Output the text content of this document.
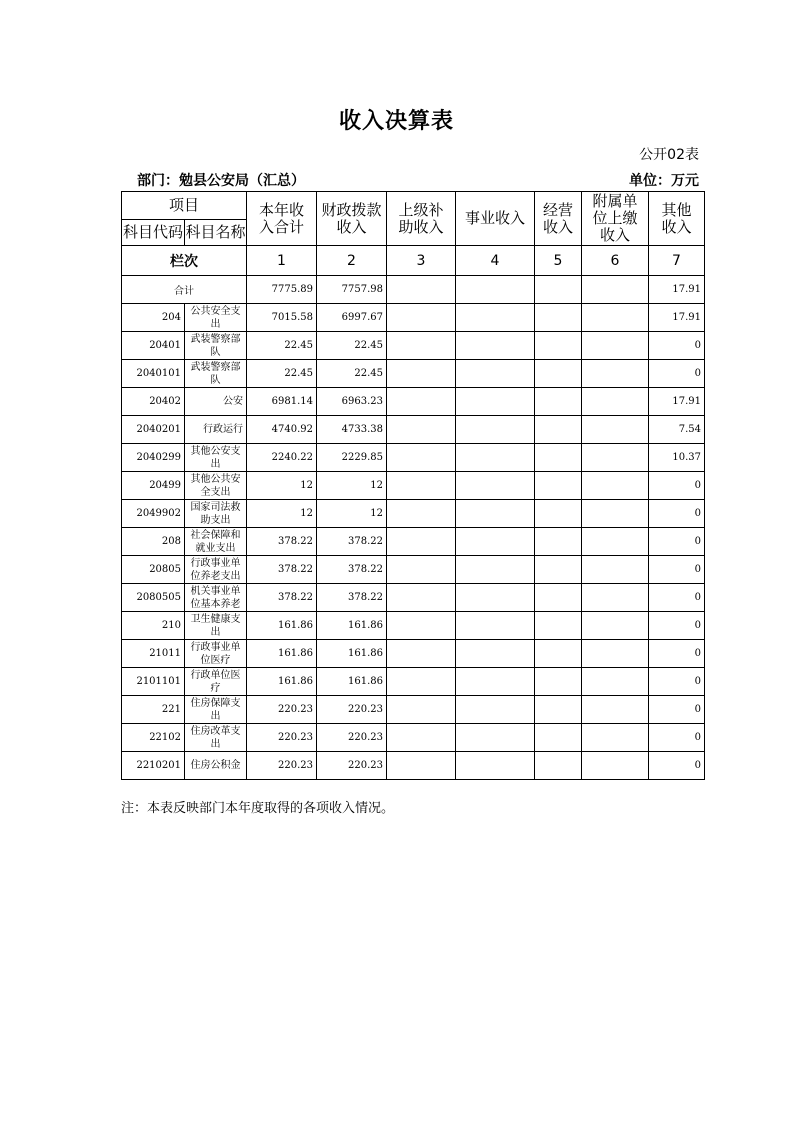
收入决算表
公开02表
部门：勉县公安局（汇总）	单位：万元
项目		本年收入合计	财政拨款收入	上级补助收入	事业收入	经营收入	附属单位上缴收入	其他收入

科目代码	科目名称							
栏次		1	2	3	4	5	6	7
合计		7775.89	7757.98					17.91
204	公共安全支出	7015.58	6997.67					17.91
20401	武装警察部队	22.45	22.45					0
2040101	武装警察部队	22.45	22.45					0
20402	公安	6981.14	6963.23					17.91
2040201	行政运行	4740.92	4733.38					7.54
2040299	其他公安支出	2240.22	2229.85					10.37
20499	其他公共安全支出	12	12					0
2049902	国家司法救助支出	12	12					0
208	社会保障和就业支出	378.22	378.22					0
20805	行政事业单位养老支出	378.22	378.22					0
2080505	机关事业单位基本养老	378.22	378.22					0
210	卫生健康支出	161.86	161.86					0
21011	行政事业单位医疗	161.86	161.86					0
2101101	行政单位医疗	161.86	161.86					0
221	住房保障支出	220.23	220.23					0
22102	住房改革支出	220.23	220.23					0
2210201	住房公积金	220.23	220.23					0
注：本表反映部门本年度取得的各项收入情况。
